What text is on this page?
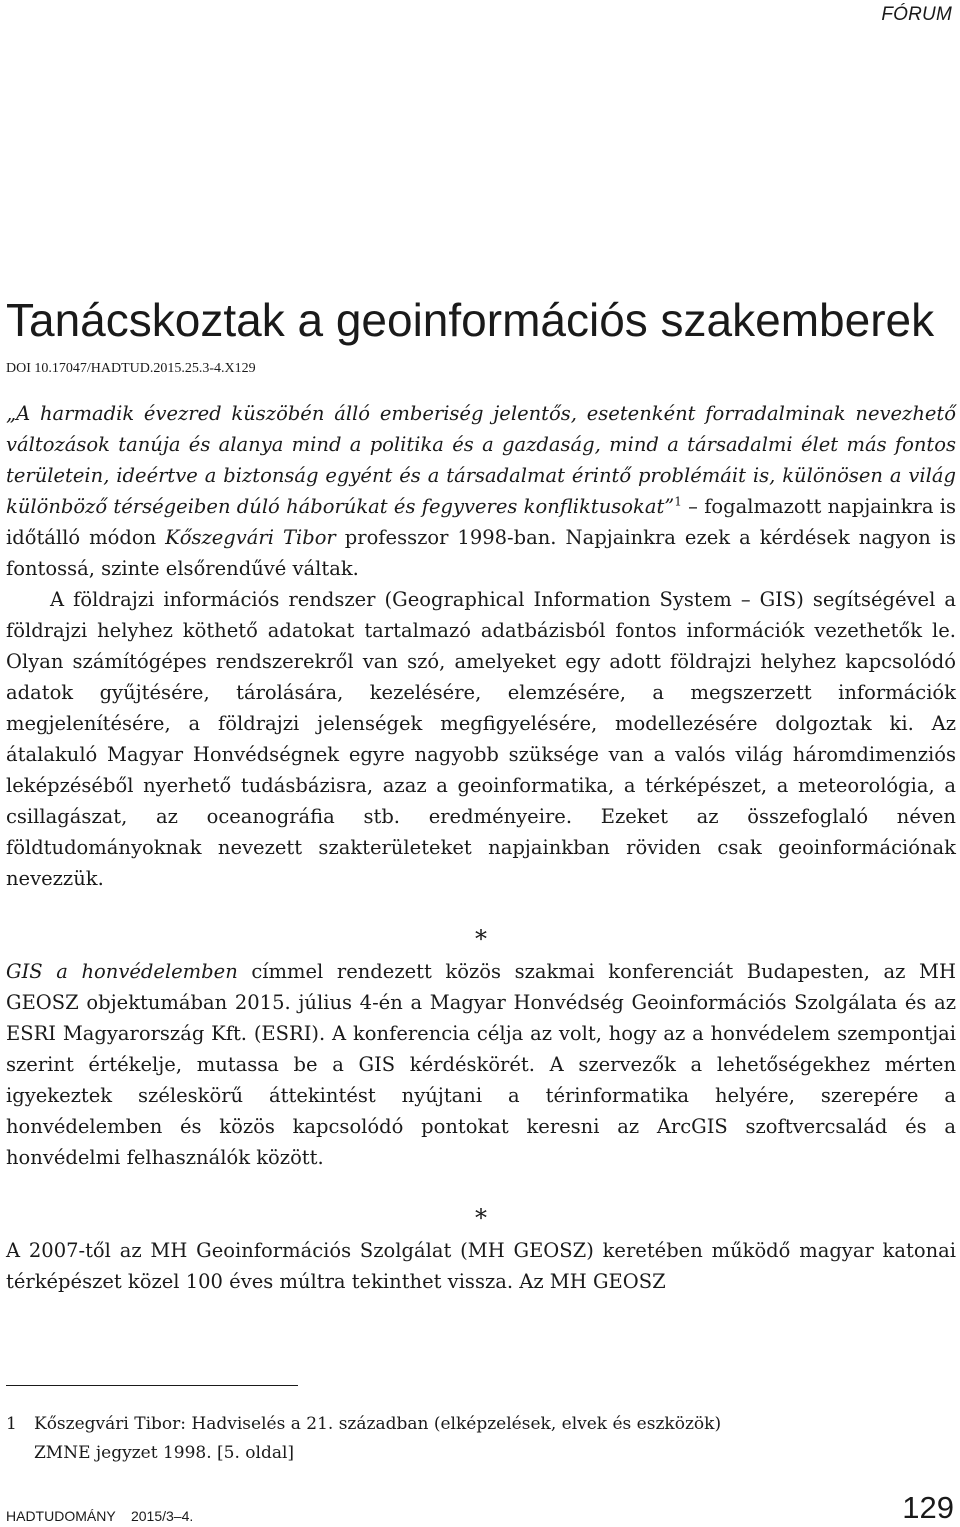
FÓRUM
Tanácskoztak a geoinformációs szakemberek
DOI 10.17047/HADTUD.2015.25.3-4.X129

„A harmadik évezred küszöbén álló emberiség jelentős, esetenként forradalminak nevezhető változások tanúja és alanya mind a politika és a gazdaság, mind a társadalmi élet más fontos területein, ideértve a biztonság egyént és a társadalmat érintő problémáit is, különösen a világ különböző térségeiben dúló háborúkat és fegyveres konfliktusokat”$^1$ – fogalmazott napjainkra is időtálló módon Kőszegvári Tibor professzor 1998-ban. Napjainkra ezek a kérdések nagyon is fontossá, szinte elsőrendűvé váltak.

A földrajzi információs rendszer (Geographical Information System – GIS) segítségével a földrajzi helyhez köthető adatokat tartalmazó adatbázisból fontos információk vezethetők le. Olyan számítógépes rendszerekről van szó, amelyeket egy adott földrajzi helyhez kapcsolódó adatok gyűjtésére, tárolására, kezelésére, elemzésére, a megszerzett információk megjelenítésére, a földrajzi jelenségek megfigyelésére, modellezésére dolgoztak ki. Az átalakuló Magyar Honvédségnek egyre nagyobb szüksége van a valós világ háromdimenziós leképzéséből nyerhető tudásbázisra, azaz a geoinformatika, a térképészet, a meteorológia, a csillagászat, az oceanográfia stb. eredményeire. Ezeket az összefoglaló néven földtudományoknak nevezett szakterületeket napjainkban röviden csak geoinformációnak nevezzük.

*

GIS a honvédelemben címmel rendezett közös szakmai konferenciát Budapesten, az MH GEOSZ objektumában 2015. július 4-én a Magyar Honvédség Geoinformációs Szolgálata és az ESRI Magyarország Kft. (ESRI). A konferencia célja az volt, hogy az a honvédelem szempontjai szerint értékelje, mutassa be a GIS kérdéskörét. A szervezők a lehetőségekhez mérten igyekeztek széleskörű áttekintést nyújtani a térinformatika helyére, szerepére a honvédelemben és közös kapcsolódó pontokat keresni az ArcGIS szoftvercsalád és a honvédelmi felhasználók között.

*

A 2007-től az MH Geoinformációs Szolgálat (MH GEOSZ) keretében működő magyar katonai térképészet közel 100 éves múltra tekinthet vissza. Az MH GEOSZ

1 Kőszegvári Tibor: Hadviselés a 21. században (elképzelések, elvek és eszközök)
ZMNE jegyzet 1998. [5. oldal]
HADTUDOMÁNY 2015/3–4.	129
